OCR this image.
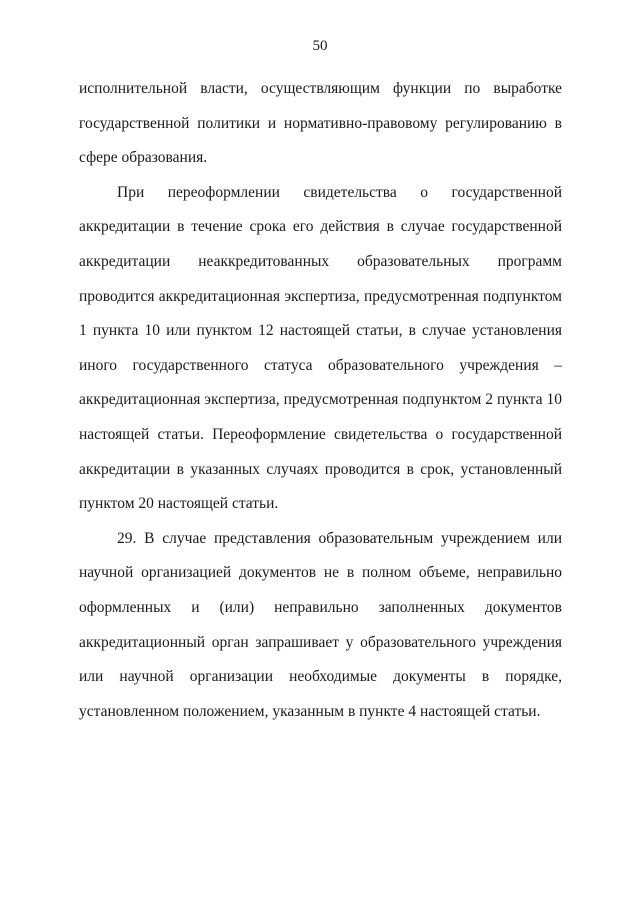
50

исполнительной власти, осуществляющим функции по выработке государственной политики и нормативно-правовому регулированию в сфере образования.

При переоформлении свидетельства о государственной аккредитации в течение срока его действия в случае государственной аккредитации неаккредитованных образовательных программ проводится аккредитационная экспертиза, предусмотренная подпунктом 1 пункта 10 или пунктом 12 настоящей статьи, в случае установления иного государственного статуса образовательного учреждения – аккредитационная экспертиза, предусмотренная подпунктом 2 пункта 10 настоящей статьи. Переоформление свидетельства о государственной аккредитации в указанных случаях проводится в срок, установленный пунктом 20 настоящей статьи.

29. В случае представления образовательным учреждением или научной организацией документов не в полном объеме, неправильно оформленных и (или) неправильно заполненных документов аккредитационный орган запрашивает у образовательного учреждения или научной организации необходимые документы в порядке, установленном положением, указанным в пункте 4 настоящей статьи.
